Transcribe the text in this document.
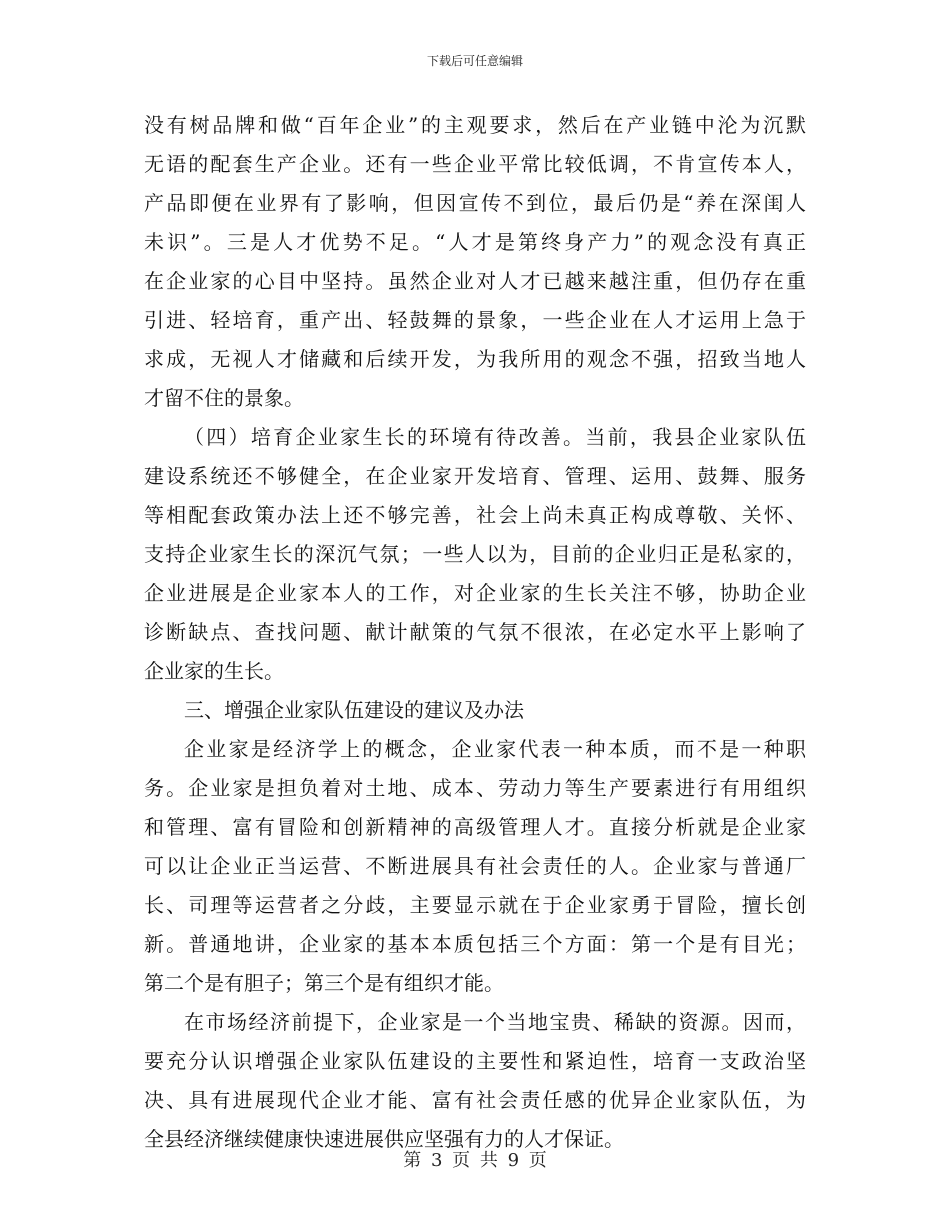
下载后可任意编辑
没有树品牌和做“百年企业”的主观要求，然后在产业链中沦为沉默
无语的配套生产企业。还有一些企业平常比较低调，不肯宣传本人，
产品即便在业界有了影响，但因宣传不到位，最后仍是“养在深闺人
未识”。三是人才优势不足。“人才是第终身产力”的观念没有真正
在企业家的心目中坚持。虽然企业对人才已越来越注重，但仍存在重
引进、轻培育，重产出、轻鼓舞的景象，一些企业在人才运用上急于
求成，无视人才储藏和后续开发，为我所用的观念不强，招致当地人
才留不住的景象。
（四）培育企业家生长的环境有待改善。当前，我县企业家队伍
建设系统还不够健全，在企业家开发培育、管理、运用、鼓舞、服务
等相配套政策办法上还不够完善，社会上尚未真正构成尊敬、关怀、
支持企业家生长的深沉气氛；一些人以为，目前的企业归正是私家的，
企业进展是企业家本人的工作，对企业家的生长关注不够，协助企业
诊断缺点、查找问题、献计献策的气氛不很浓，在必定水平上影响了
企业家的生长。
三、增强企业家队伍建设的建议及办法
企业家是经济学上的概念，企业家代表一种本质，而不是一种职
务。企业家是担负着对土地、成本、劳动力等生产要素进行有用组织
和管理、富有冒险和创新精神的高级管理人才。直接分析就是企业家
可以让企业正当运营、不断进展具有社会责任的人。企业家与普通厂
长、司理等运营者之分歧，主要显示就在于企业家勇于冒险，擅长创
新。普通地讲，企业家的基本本质包括三个方面：第一个是有目光；
第二个是有胆子；第三个是有组织才能。
在市场经济前提下，企业家是一个当地宝贵、稀缺的资源。因而，
要充分认识增强企业家队伍建设的主要性和紧迫性，培育一支政治坚
决、具有进展现代企业才能、富有社会责任感的优异企业家队伍，为
全县经济继续健康快速进展供应坚强有力的人才保证。
第 3 页 共 9 页
